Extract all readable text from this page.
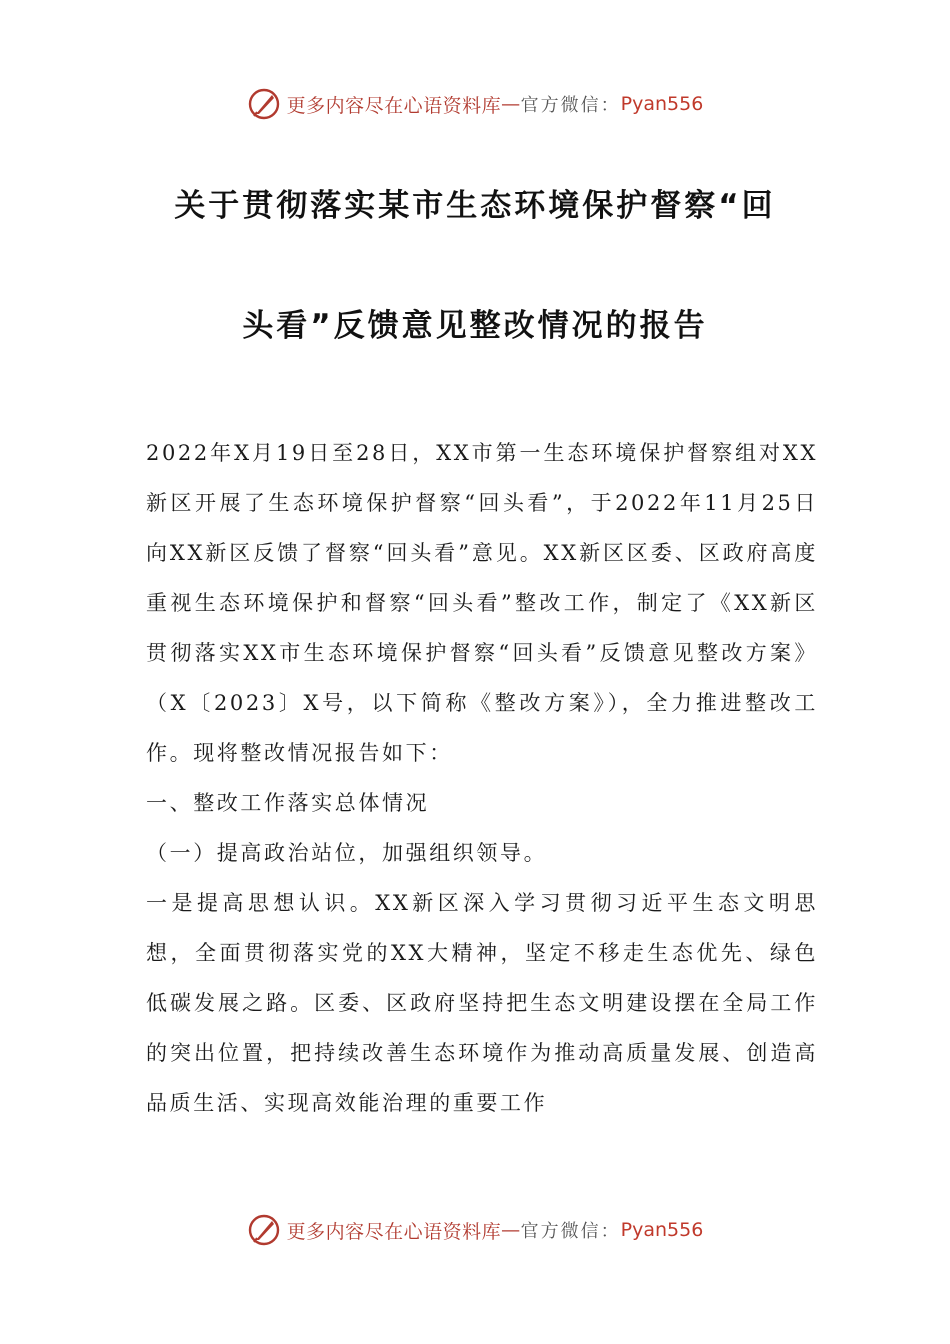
更多内容尽在心语资料库 — 官方微信： Pyan556
关于贯彻落实某市生态环境保护督察“回
头看”反馈意见整改情况的报告

2022年X月19日至28日，XX市第一生态环境保护督察组对XX新区开展了生态环境保护督察“回头看”，于2022年11月25日向XX新区反馈了督察“回头看”意见。XX新区区委、区政府高度重视生态环境保护和督察“回头看”整改工作，制定了《XX新区贯彻落实XX市生态环境保护督察“回头看”反馈意见整改方案》（X〔2023〕X号，以下简称《整改方案》），全力推进整改工作。现将整改情况报告如下：

一、整改工作落实总体情况

（一）提高政治站位，加强组织领导。

一是提高思想认识。XX新区深入学习贯彻习近平生态文明思想，全面贯彻落实党的XX大精神，坚定不移走生态优先、绿色低碳发展之路。区委、区政府坚持把生态文明建设摆在全局工作的突出位置，把持续改善生态环境作为推动高质量发展、创造高品质生活、实现高效能治理的重要工作

更多内容尽在心语资料库 — 官方微信： Pyan556
